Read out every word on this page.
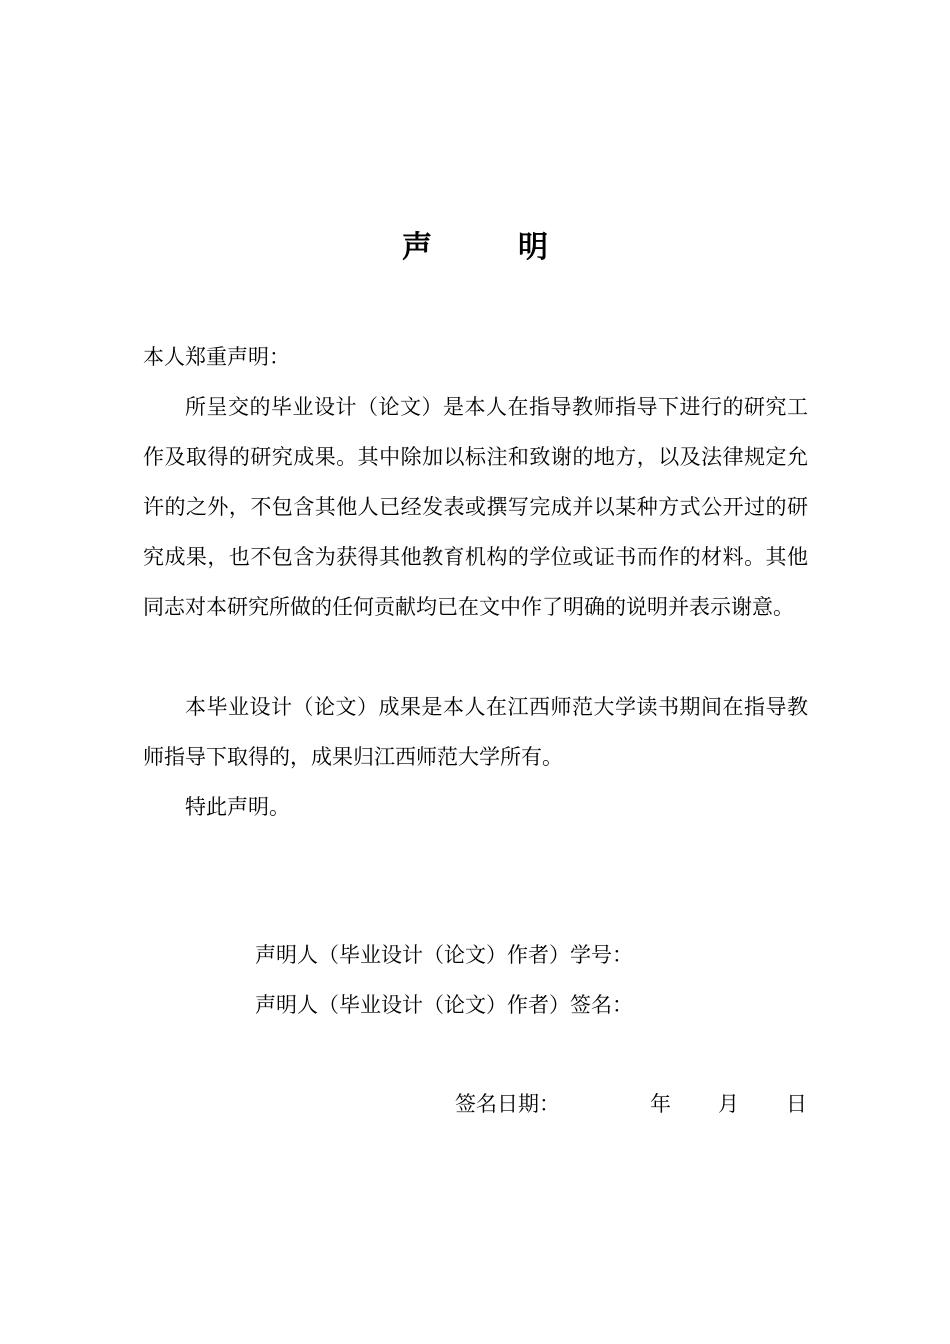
声	明
本人郑重声明：
所呈交的毕业设计（论文）是本人在指导教师指导下进行的研究工作及取得的研究成果。其中除加以标注和致谢的地方，以及法律规定允许的之外，不包含其他人已经发表或撰写完成并以某种方式公开过的研究成果，也不包含为获得其他教育机构的学位或证书而作的材料。其他同志对本研究所做的任何贡献均已在文中作了明确的说明并表示谢意。
本毕业设计（论文）成果是本人在江西师范大学读书期间在指导教师指导下取得的，成果归江西师范大学所有。
特此声明。
声明人（毕业设计（论文）作者）学号：
声明人（毕业设计（论文）作者）签名：
签名日期：	年 月 日
